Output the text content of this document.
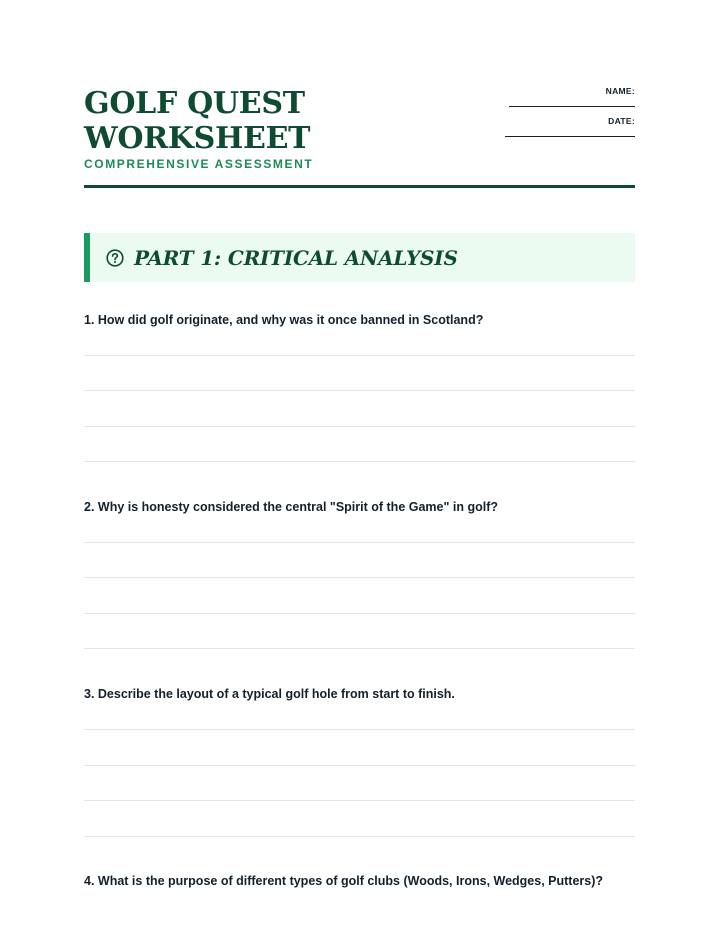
GOLF QUEST
WORKSHEET
COMPREHENSIVE ASSESSMENT
NAME:
DATE:
PART 1: CRITICAL ANALYSIS
1. How did golf originate, and why was it once banned in Scotland?
2. Why is honesty considered the central "Spirit of the Game" in golf?
3. Describe the layout of a typical golf hole from start to finish.
4. What is the purpose of different types of golf clubs (Woods, Irons, Wedges, Putters)?
